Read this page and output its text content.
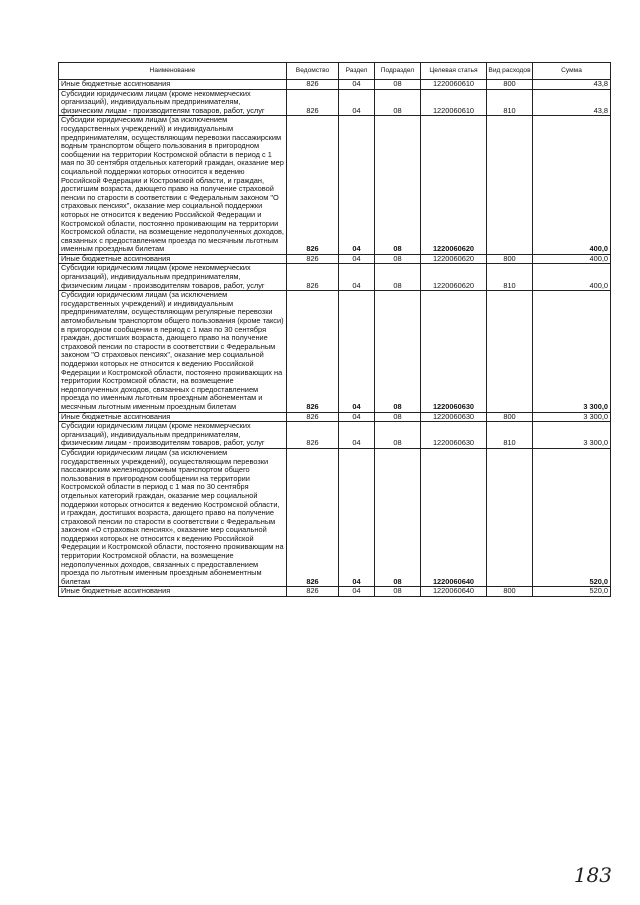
Наименование	Ведомство	Раздел	Подраздел	Целевая статья	Вид расходов	Сумма
Иные бюджетные ассигнования	826	04	08	1220060610	800	43,8
Субсидии юридическим лицам (кроме некоммерческих организаций), индивидуальным предпринимателям, физическим лицам - производителям товаров, работ, услуг	826	04	08	1220060610	810	43,8
Субсидии юридическим лицам (за исключением государственных учреждений) и индивидуальным предпринимателям, осуществляющим перевозки пассажирским водным транспортом общего пользования в пригородном сообщении на территории Костромской области в период с 1 мая по 30 сентября отдельных категорий граждан, оказание мер социальной поддержки которых относится к ведению Российской Федерации и Костромской области, и граждан, достигшим возраста, дающего право на получение страховой пенсии по старости в соответствии с Федеральным законом "О страховых пенсиях", оказание мер социальной поддержки которых не относится к ведению Российской Федерации и Костромской области, постоянно проживающим на территории Костромской области, на возмещение недополученных доходов, связанных с предоставлением проезда по месячным льготным именным проездным билетам	826	04	08	1220060620		400,0
Иные бюджетные ассигнования	826	04	08	1220060620	800	400,0
Субсидии юридическим лицам (кроме некоммерческих организаций), индивидуальным предпринимателям, физическим лицам - производителям товаров, работ, услуг	826	04	08	1220060620	810	400,0
Субсидии юридическим лицам (за исключением государственных учреждений) и индивидуальным предпринимателям, осуществляющим регулярные перевозки автомобильным транспортом общего пользования (кроме такси) в пригородном сообщении в период с 1 мая по 30 сентября граждан, достигших возраста, дающего право на получение страховой пенсии по старости в соответствии с Федеральным законом "О страховых пенсиях", оказание мер социальной поддержки которых не относится к ведению Российской Федерации и Костромской области, постоянно проживающих на территории Костромской области, на возмещение недополученных доходов, связанных с предоставлением проезда по именным льготным проездным абонементам и месячным льготным именным проездным билетам	826	04	08	1220060630		3 300,0
Иные бюджетные ассигнования	826	04	08	1220060630	800	3 300,0
Субсидии юридическим лицам (кроме некоммерческих организаций), индивидуальным предпринимателям, физическим лицам - производителям товаров, работ, услуг	826	04	08	1220060630	810	3 300,0
Субсидии юридическим лицам (за исключением государственных учреждений), осуществляющим перевозки пассажирским железнодорожным транспортом общего пользования в пригородном сообщении на территории Костромской области в период с 1 мая по 30 сентября отдельных категорий граждан, оказание мер социальной поддержки которых относится к ведению Костромской области, и граждан, достигших возраста, дающего право на получение страховой пенсии по старости в соответствии с Федеральным законом «О страховых пенсиях», оказание мер социальной поддержки которых не относится к ведению Российской Федерации и Костромской области, постоянно проживающим на территории Костромской области, на возмещение недополученных доходов, связанных с предоставлением проезда по льготным именным проездным абонементным билетам	826	04	08	1220060640		520,0
Иные бюджетные ассигнования	826	04	08	1220060640	800	520,0
183
